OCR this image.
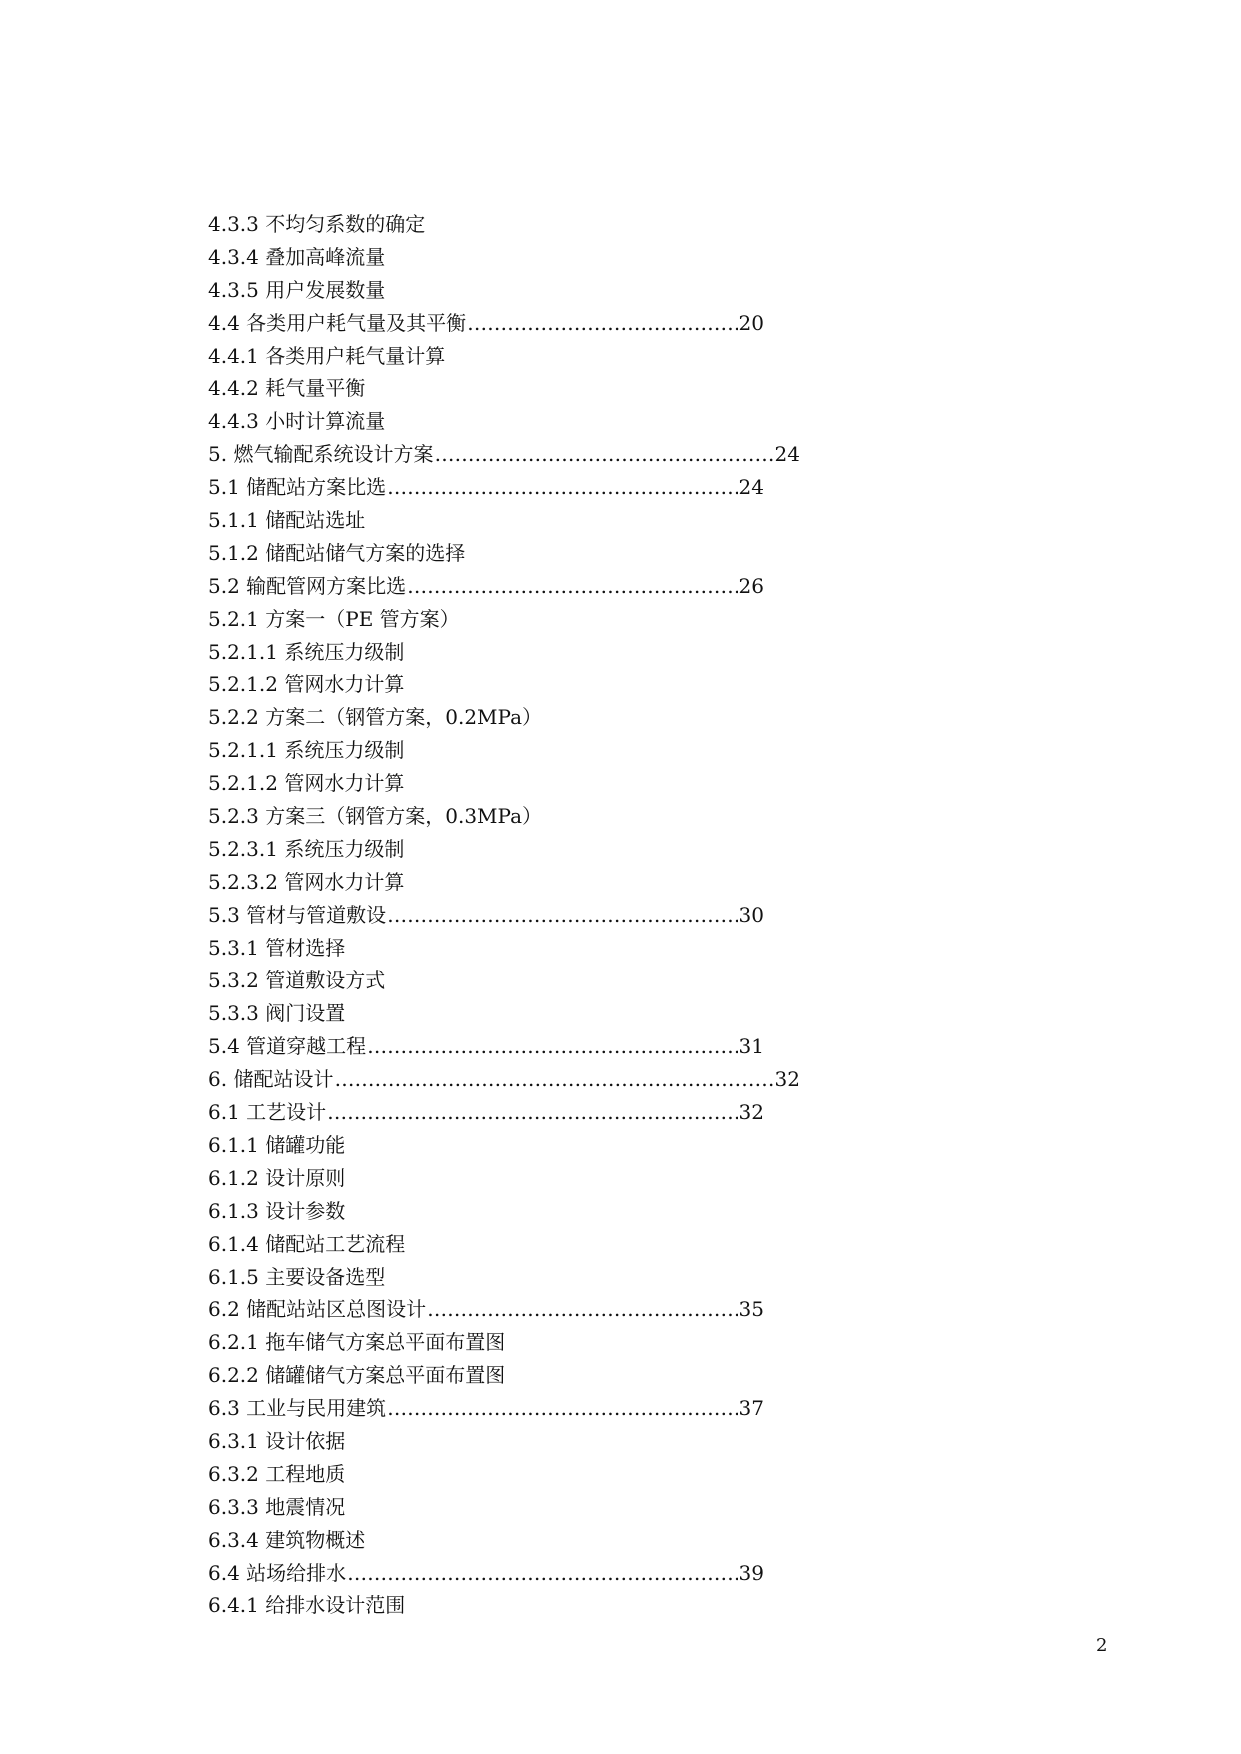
4.3.3 不均匀系数的确定
4.3.4 叠加高峰流量
4.3.5 用户发展数量
4.4 各类用户耗气量及其平衡 ……………………………………………………………………………………………………………………………………………………	20
4.4.1 各类用户耗气量计算
4.4.2 耗气量平衡
4.4.3 小时计算流量
5. 燃气输配系统设计方案 ……………………………………………………………………………………………………………………………………………………	24
5.1 储配站方案比选 ……………………………………………………………………………………………………………………………………………………	24
5.1.1 储配站选址
5.1.2 储配站储气方案的选择
5.2 输配管网方案比选 ……………………………………………………………………………………………………………………………………………………	26
5.2.1 方案一（PE 管方案）
5.2.1.1 系统压力级制
5.2.1.2 管网水力计算
5.2.2 方案二（钢管方案，0.2MPa）
5.2.1.1 系统压力级制
5.2.1.2 管网水力计算
5.2.3 方案三（钢管方案，0.3MPa）
5.2.3.1 系统压力级制
5.2.3.2 管网水力计算
5.3 管材与管道敷设 ……………………………………………………………………………………………………………………………………………………	30
5.3.1 管材选择
5.3.2 管道敷设方式
5.3.3 阀门设置
5.4 管道穿越工程 ……………………………………………………………………………………………………………………………………………………	31
6. 储配站设计 ……………………………………………………………………………………………………………………………………………………	32
6.1 工艺设计 ……………………………………………………………………………………………………………………………………………………	32
6.1.1 储罐功能
6.1.2 设计原则
6.1.3 设计参数
6.1.4 储配站工艺流程
6.1.5 主要设备选型
6.2 储配站站区总图设计 ……………………………………………………………………………………………………………………………………………………	35
6.2.1 拖车储气方案总平面布置图
6.2.2 储罐储气方案总平面布置图
6.3 工业与民用建筑 ……………………………………………………………………………………………………………………………………………………	37
6.3.1 设计依据
6.3.2 工程地质
6.3.3 地震情况
6.3.4 建筑物概述
6.4 站场给排水 ……………………………………………………………………………………………………………………………………………………	39
6.4.1 给排水设计范围
2
